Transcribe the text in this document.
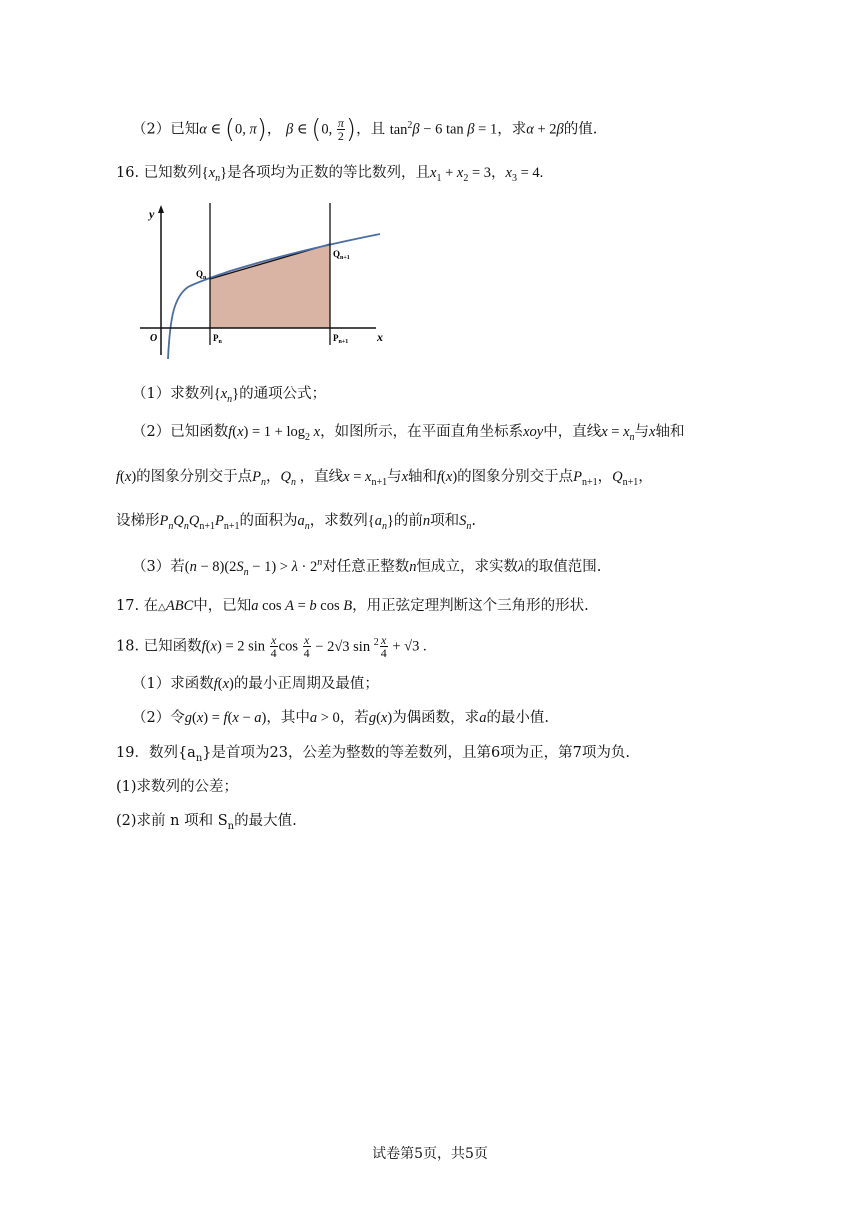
（2）已知α ∈ (0, π)， β ∈ (0, $\frac{\pi}{2}$ )，且 $\tan^2\beta - 6$ tan β = 1，求α + 2β的值.
16. 已知数列$\{x_n\}$是各项均为正数的等比数列，且$x_1 + x_2 = 3$，$x_3 = 4$.
y
x
O
$Q_n$
$Q_{n+1}$
$P_n$	$P_{n+1}$
（1）求数列$\{x_n\}$的通项公式；
（2）已知函数$f(x) = 1 + \log_2 x$，如图所示，在平面直角坐标系xoy中，直线$x = x_n$与x轴和
f(x)的图象分别交于点$P_n$，$Q_n$ ，直线$x = x_{n+1}$与x轴和f(x)的图象分别交于点$P_{n+1}$，$Q_{n+1}$，
设梯形$P_nQ_nQ_{n+1}P_{n+1}$的面积为$a_n$，求数列$\{a_n\}$的前n项和$S_n$.
（3）若$(n - 8)(2S_n - 1) > \lambda \cdot 2^n$对任意正整数n恒成立，求实数λ的取值范围.
17. 在△ABC中，已知a cos A = b cos B，用正弦定理判断这个三角形的形状.
18. 已知函数f(x) = 2 $\sin \frac{x}{4}$ $\cos \frac{x}{4} - 2√3$ $\sin ^2 \frac{x}{4} + √3$ .
（1）求函数f(x)的最小正周期及最值；
（2）令g(x) = f(x − a)，其中a > 0，若g(x)为偶函数，求a的最小值.
19．数列$\{a_n\}$是首项为23，公差为整数的等差数列，且第6项为正，第7项为负.
(1)求数列的公差；
(2)求前 n 项和 $S_n$的最大值.
试卷第5页，共5页
